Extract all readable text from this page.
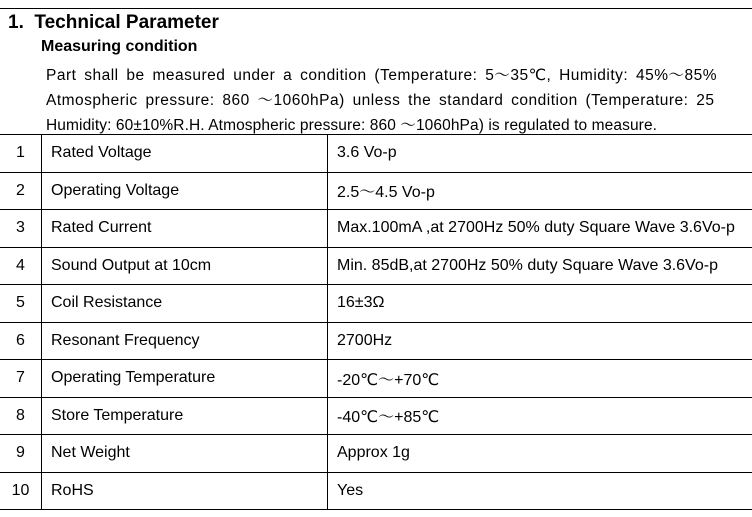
1. Technical Parameter
Measuring condition
Part shall be measured under a condition (Temperature: 5～35℃, Humidity: 45%～85%
Atmospheric pressure: 860 ～1060hPa) unless the standard condition (Temperature: 25
Humidity: 60±10%R.H. Atmospheric pressure: 860 ～1060hPa) is regulated to measure.
1	Rated Voltage	3.6 Vo-p
2	Operating Voltage	2.5～4.5 Vo-p
3	Rated Current	Max.100mA ,at 2700Hz 50% duty Square Wave 3.6Vo-p
4	Sound Output at 10cm	Min. 85dB,at 2700Hz 50% duty Square Wave 3.6Vo-p
5	Coil Resistance	16±3Ω
6	Resonant Frequency	2700Hz
7	Operating Temperature	-20℃～+70℃
8	Store Temperature	-40℃～+85℃
9	Net Weight	Approx 1g
10	RoHS	Yes
